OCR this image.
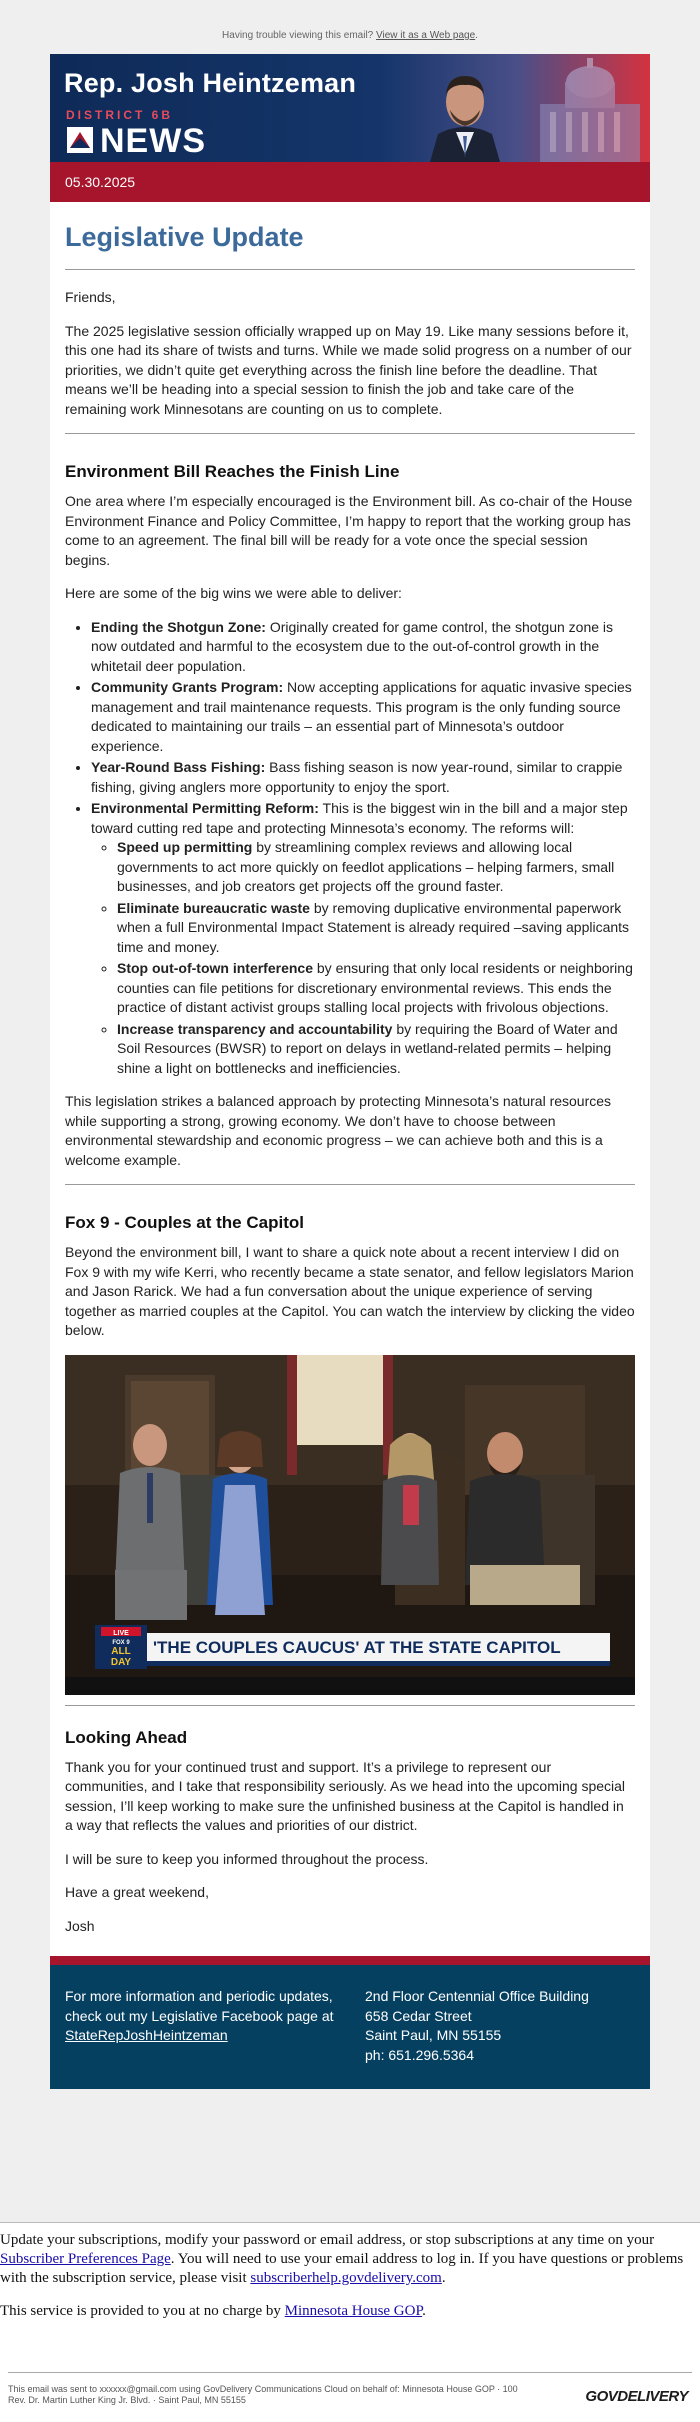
Having trouble viewing this email? View it as a Web page.
Rep. Josh Heintzeman
DISTRICT 6B
NEWS
05.30.2025
Legislative Update

Friends,

The 2025 legislative session officially wrapped up on May 19. Like many sessions before it, this one had its share of twists and turns. While we made solid progress on a number of our priorities, we didn’t quite get everything across the finish line before the deadline. That means we’ll be heading into a special session to finish the job and take care of the remaining work Minnesotans are counting on us to complete.

Environment Bill Reaches the Finish Line

One area where I’m especially encouraged is the Environment bill. As co-chair of the House Environment Finance and Policy Committee, I’m happy to report that the working group has come to an agreement. The final bill will be ready for a vote once the special session begins.

Here are some of the big wins we were able to deliver:

• Ending the Shotgun Zone: Originally created for game control, the shotgun zone is now outdated and harmful to the ecosystem due to the out-of-control growth in the whitetail deer population.
• Community Grants Program: Now accepting applications for aquatic invasive species management and trail maintenance requests. This program is the only funding source dedicated to maintaining our trails – an essential part of Minnesota’s outdoor experience.
• Year-Round Bass Fishing: Bass fishing season is now year-round, similar to crappie fishing, giving anglers more opportunity to enjoy the sport.
• Environmental Permitting Reform: This is the biggest win in the bill and a major step toward cutting red tape and protecting Minnesota’s economy. The reforms will:
◦ Speed up permitting by streamlining complex reviews and allowing local governments to act more quickly on feedlot applications – helping farmers, small businesses, and job creators get projects off the ground faster.
◦ Eliminate bureaucratic waste by removing duplicative environmental paperwork when a full Environmental Impact Statement is already required –saving applicants time and money.
◦ Stop out-of-town interference by ensuring that only local residents or neighboring counties can file petitions for discretionary environmental reviews. This ends the practice of distant activist groups stalling local projects with frivolous objections.
◦ Increase transparency and accountability by requiring the Board of Water and Soil Resources (BWSR) to report on delays in wetland-related permits – helping shine a light on bottlenecks and inefficiencies.

This legislation strikes a balanced approach by protecting Minnesota’s natural resources while supporting a strong, growing economy. We don’t have to choose between environmental stewardship and economic progress – we can achieve both and this is a welcome example.

Fox 9 - Couples at the Capitol

Beyond the environment bill, I want to share a quick note about a recent interview I did on Fox 9 with my wife Kerri, who recently became a state senator, and fellow legislators Marion and Jason Rarick. We had a fun conversation about the unique experience of serving together as married couples at the Capitol. You can watch the interview by clicking the video below.

LIVE
FOX 9
ALL
DAY
'THE COUPLES CAUCUS' AT THE STATE CAPITOL
Looking Ahead

Thank you for your continued trust and support. It’s a privilege to represent our communities, and I take that responsibility seriously. As we head into the upcoming special session, I’ll keep working to make sure the unfinished business at the Capitol is handled in a way that reflects the values and priorities of our district.

I will be sure to keep you informed throughout the process.

Have a great weekend,

Josh

For more information and periodic updates, check out my Legislative Facebook page at
StateRepJoshHeintzeman
2nd Floor Centennial Office Building
658 Cedar Street
Saint Paul, MN 55155
ph: 651.296.5364

Update your subscriptions, modify your password or email address, or stop subscriptions at any time on your Subscriber Preferences Page. You will need to use your email address to log in. If you have questions or problems with the subscription service, please visit subscriberhelp.govdelivery.com.

This service is provided to you at no charge by Minnesota House GOP.

This email was sent to xxxxxx@gmail.com using GovDelivery Communications Cloud on behalf of: Minnesota House GOP · 100
Rev. Dr. Martin Luther King Jr. Blvd. · Saint Paul, MN 55155	GOVDELIVERY
